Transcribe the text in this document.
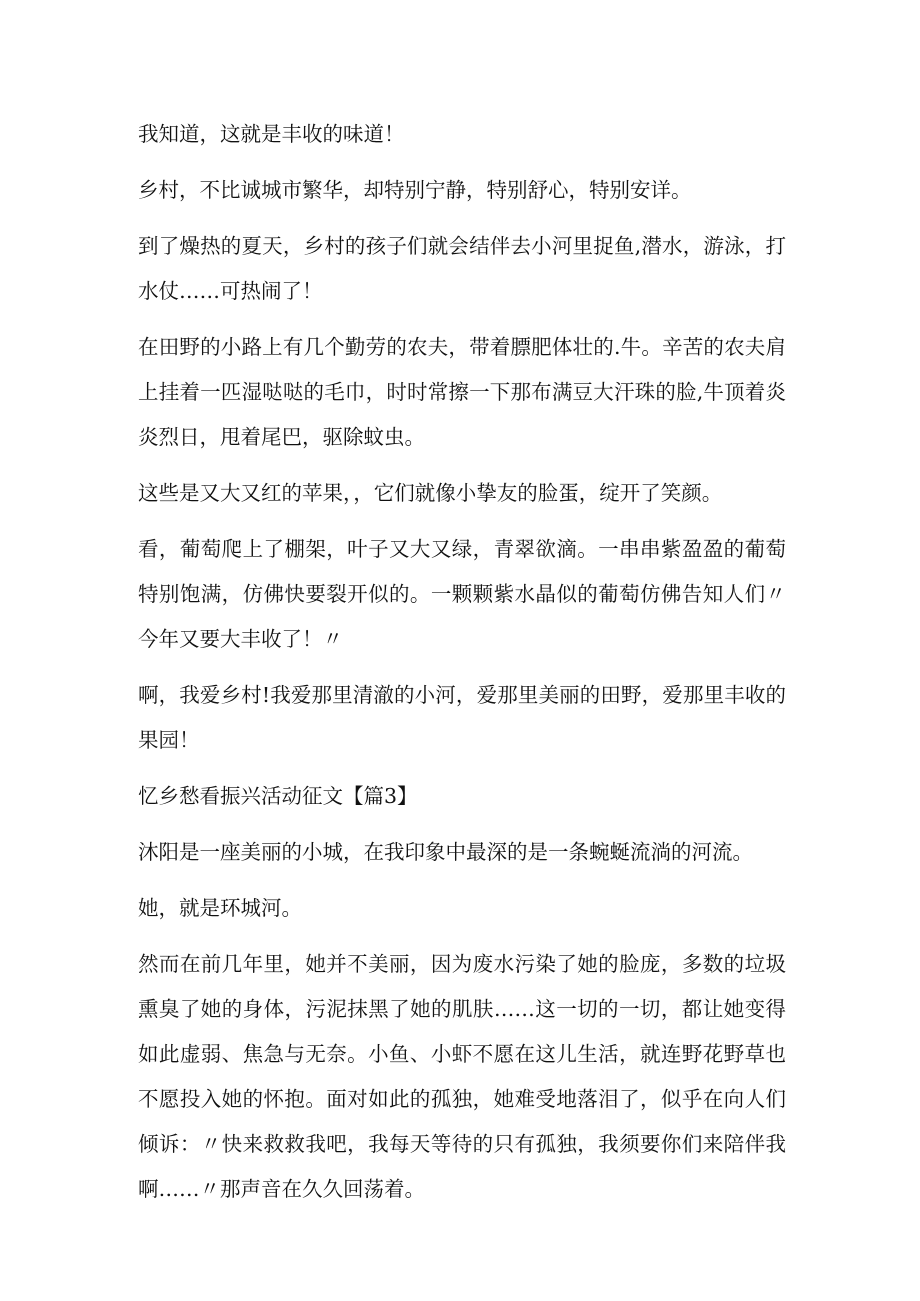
我知道，这就是丰收的味道！

乡村，不比诚城市繁华，却特别宁静，特别舒心，特别安详。

到了燥热的夏天，乡村的孩子们就会结伴去小河里捉鱼,潜水，游泳，打水仗……可热闹了！

在田野的小路上有几个勤劳的农夫，带着膘肥体壮的.牛。辛苦的农夫肩上挂着一匹湿哒哒的毛巾，时时常擦一下那布满豆大汗珠的脸,牛顶着炎炎烈日，甩着尾巴，驱除蚊虫。

这些是又大又红的苹果，，它们就像小挚友的脸蛋，绽开了笑颜。

看，葡萄爬上了棚架，叶子又大又绿，青翠欲滴。一串串紫盈盈的葡萄特别饱满，仿佛快要裂开似的。一颗颗紫水晶似的葡萄仿佛告知人们〃今年又要大丰收了！〃

啊，我爱乡村!我爱那里清澈的小河，爱那里美丽的田野，爱那里丰收的果园！

忆乡愁看振兴活动征文【篇3】

沐阳是一座美丽的小城，在我印象中最深的是一条蜿蜒流淌的河流。

她，就是环城河。

然而在前几年里，她并不美丽，因为废水污染了她的脸庞，多数的垃圾熏臭了她的身体，污泥抹黑了她的肌肤……这一切的一切，都让她变得如此虚弱、焦急与无奈。小鱼、小虾不愿在这儿生活，就连野花野草也不愿投入她的怀抱。面对如此的孤独，她难受地落泪了，似乎在向人们倾诉：〃快来救救我吧，我每天等待的只有孤独，我须要你们来陪伴我啊……〃那声音在久久回荡着。
